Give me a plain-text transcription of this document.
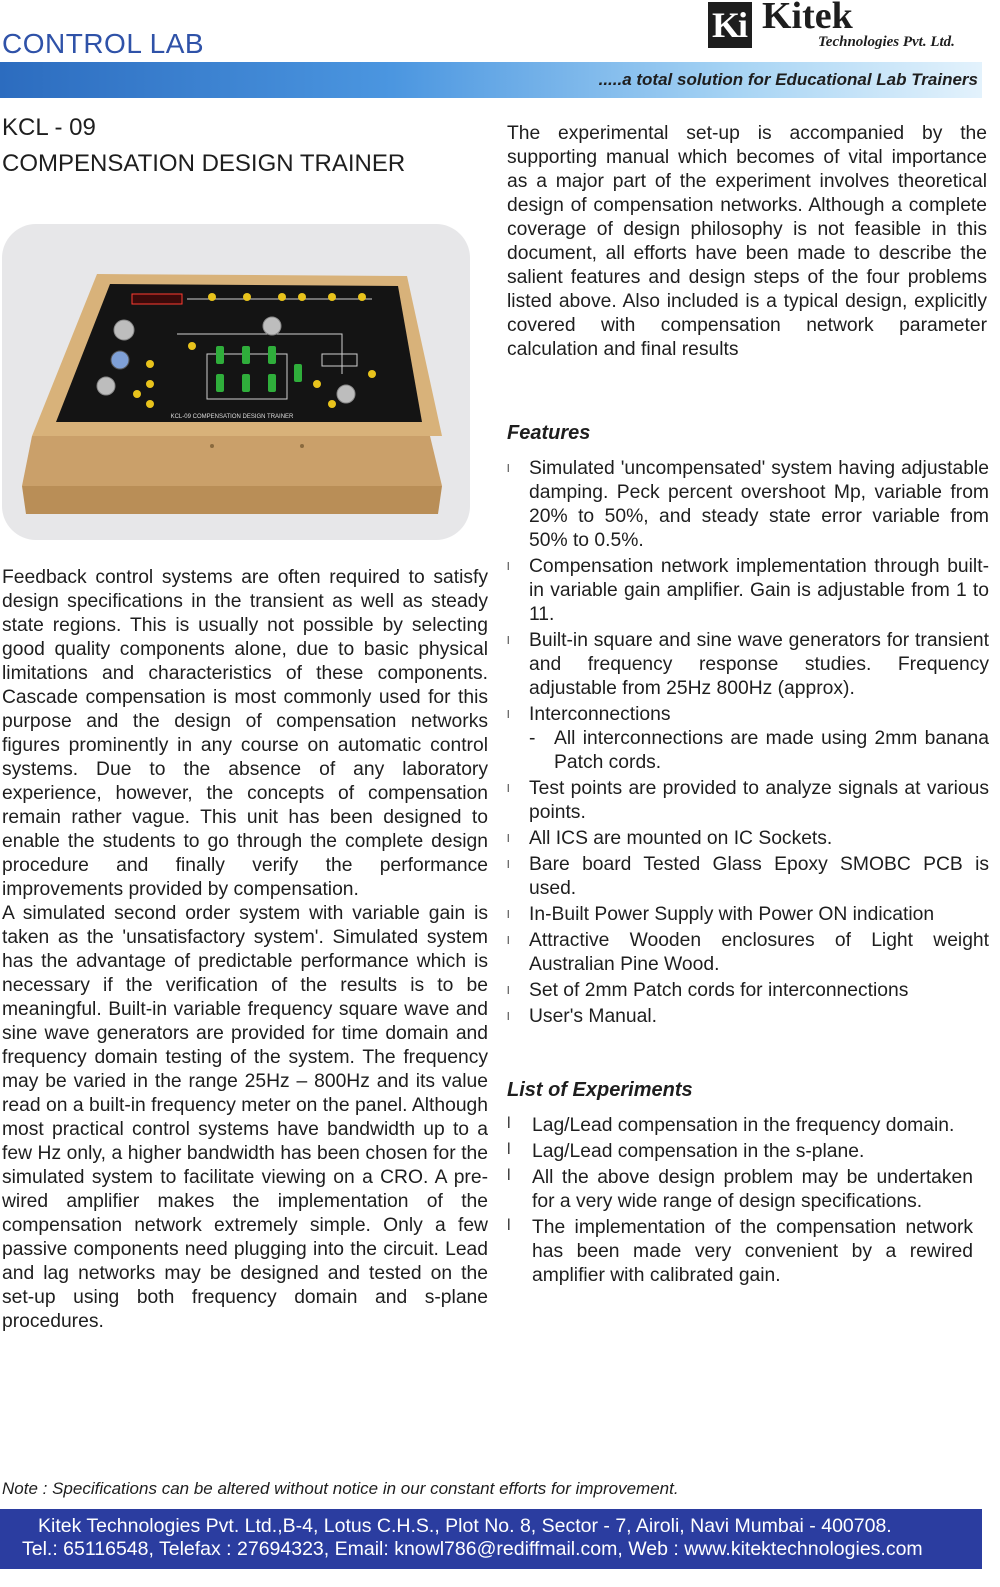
CONTROL LAB	Ki Kitek
Technologies Pvt. Ltd.
.....a total solution for Educational Lab Trainers
KCL - 09
COMPENSATION DESIGN TRAINER
KCL-09 COMPENSATION DESIGN TRAINER
Feedback control systems are often required to satisfy design specifications in the transient as well as steady state regions. This is usually not possible by selecting good quality components alone, due to basic physical limitations and characteristics of these components. Cascade compensation is most commonly used for this purpose and the design of compensation networks figures prominently in any course on automatic control systems. Due to the absence of any laboratory experience, however, the concepts of compensation remain rather vague. This unit has been designed to enable the students to go through the complete design procedure and finally verify the performance improvements provided by compensation.
A simulated second order system with variable gain is taken as the 'unsatisfactory system'. Simulated system has the advantage of predictable performance which is necessary if the verification of the results is to be meaningful. Built-in variable frequency square wave and sine wave generators are provided for time domain and frequency domain testing of the system. The frequency may be varied in the range 25Hz – 800Hz and its value read on a built-in frequency meter on the panel. Although most practical control systems have bandwidth up to a few Hz only, a higher bandwidth has been chosen for the simulated system to facilitate viewing on a CRO. A pre-wired amplifier makes the implementation of the compensation network extremely simple. Only a few passive components need plugging into the circuit. Lead and lag networks may be designed and tested on the set-up using both frequency domain and s-plane procedures.
The experimental set-up is accompanied by the supporting manual which becomes of vital importance as a major part of the experiment involves theoretical design of compensation networks. Although a complete coverage of design philosophy is not feasible in this document, all efforts have been made to describe the salient features and design steps of the four problems listed above. Also included is a typical design, explicitly covered with compensation network parameter calculation and final results
Features
l Simulated 'uncompensated' system having adjustable damping. Peck percent overshoot Mp, variable from 20% to 50%, and steady state error variable from 50% to 0.5%.
l Compensation network implementation through built-in variable gain amplifier. Gain is adjustable from 1 to 11.
l Built-in square and sine wave generators for transient and frequency response studies. Frequency adjustable from 25Hz 800Hz (approx).
l Interconnections
- All interconnections are made using 2mm banana Patch cords.
l Test points are provided to analyze signals at various points.
l All ICS are mounted on IC Sockets.
l Bare board Tested Glass Epoxy SMOBC PCB is used.
l In-Built Power Supply with Power ON indication
l Attractive Wooden enclosures of Light weight Australian Pine Wood.
l Set of 2mm Patch cords for interconnections
l User's Manual.
List of Experiments
l Lag/Lead compensation in the frequency domain.
l Lag/Lead compensation in the s-plane.
l All the above design problem may be undertaken for a very wide range of design specifications.
l The implementation of the compensation network has been made very convenient by a rewired amplifier with calibrated gain.
Note : Specifications can be altered without notice in our constant efforts for improvement.
Kitek Technologies Pvt. Ltd.,B-4, Lotus C.H.S., Plot No. 8, Sector - 7, Airoli, Navi Mumbai - 400708.
Tel.: 65116548, Telefax : 27694323, Email: knowl786@rediffmail.com, Web : www.kitektechnologies.com
